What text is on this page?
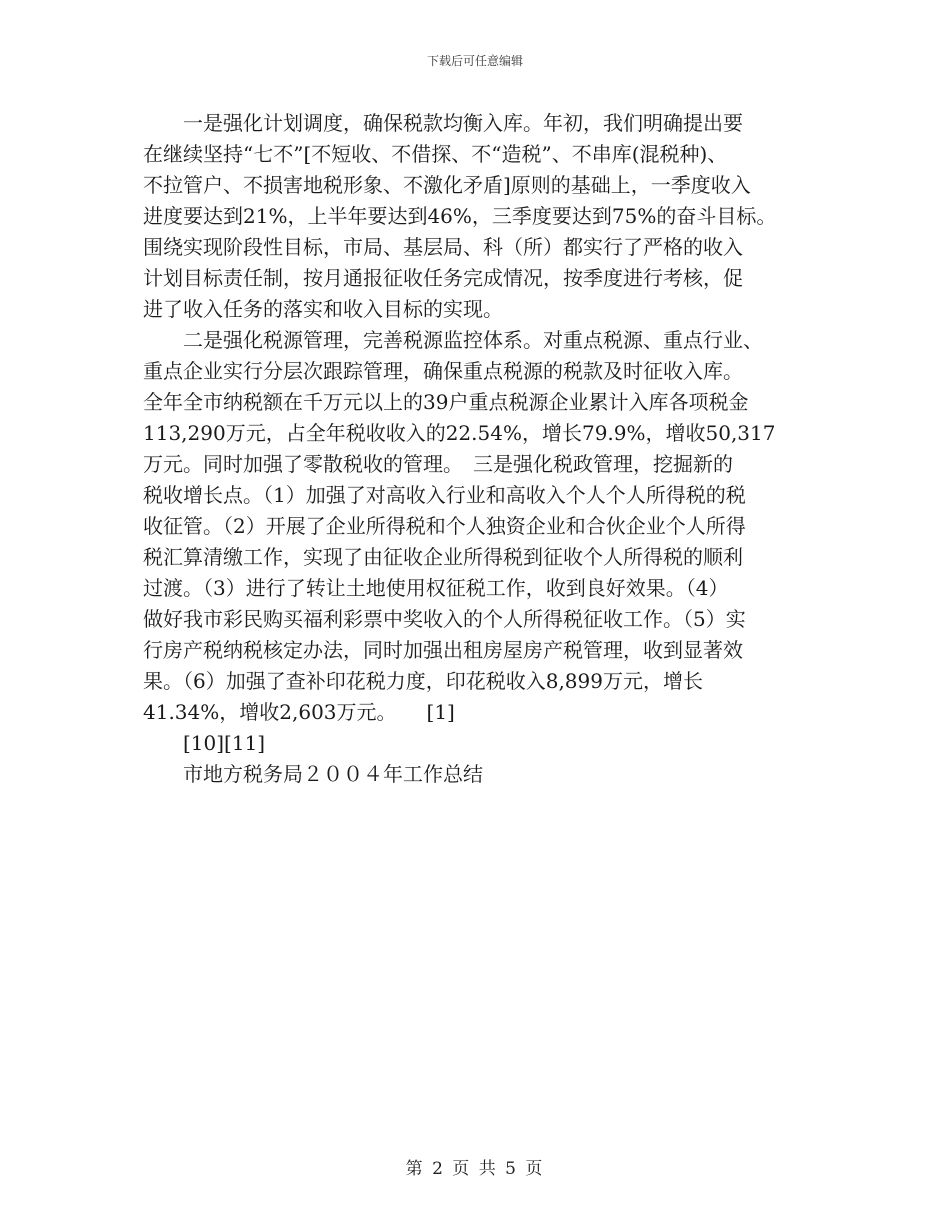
下载后可任意编辑
一是强化计划调度，确保税款均衡入库。年初，我们明确提出要
在继续坚持“七不”[不短收、不借探、不“造税”、不串库(混税种)、
不拉管户、不损害地税形象、不激化矛盾]原则的基础上，一季度收入
进度要达到21%，上半年要达到46%，三季度要达到75%的奋斗目标。
围绕实现阶段性目标，市局、基层局、科（所）都实行了严格的收入
计划目标责任制，按月通报征收任务完成情况，按季度进行考核，促
进了收入任务的落实和收入目标的实现。
二是强化税源管理，完善税源监控体系。对重点税源、重点行业、
重点企业实行分层次跟踪管理，确保重点税源的税款及时征收入库。
全年全市纳税额在千万元以上的39户重点税源企业累计入库各项税金
113,290万元，占全年税收收入的22.54%，增长79.9%，增收50,317
万元。同时加强了零散税收的管理。　三是强化税政管理，挖掘新的
税收增长点。（1）加强了对高收入行业和高收入个人个人所得税的税
收征管。（2）开展了企业所得税和个人独资企业和合伙企业个人所得
税汇算清缴工作，实现了由征收企业所得税到征收个人所得税的顺利
过渡。（3）进行了转让土地使用权征税工作，收到良好效果。（4）
做好我市彩民购买福利彩票中奖收入的个人所得税征收工作。（5）实
行房产税纳税核定办法，同时加强出租房屋房产税管理，收到显著效
果。（6）加强了查补印花税力度，印花税收入8,899万元，增长
41.34%，增收2,603万元。　　[1]
[10][11]
市地方税务局２００４年工作总结
第 2 页 共 5 页
